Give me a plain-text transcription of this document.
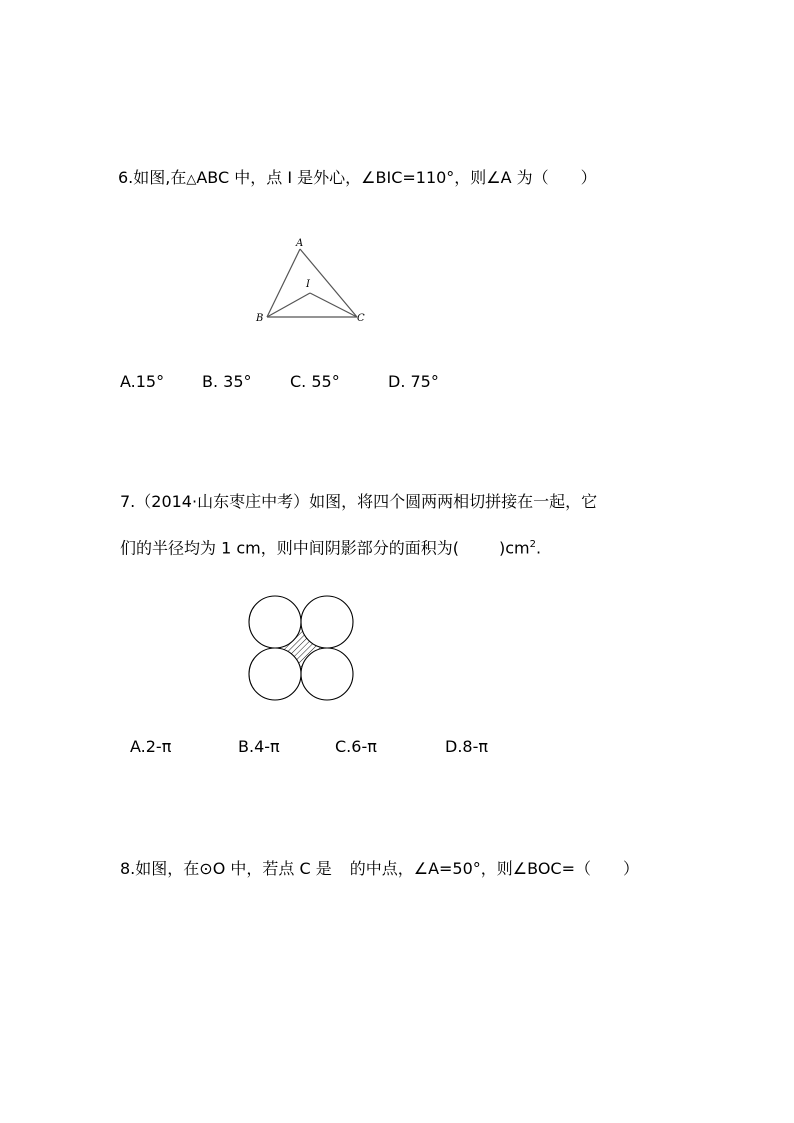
6.如图,在△ABC 中，点 I 是外心，∠BIC=110°，则∠A 为（　　）
A
B	C
I
A.15° B. 35° C. 55°	D. 75°
7.（2014·山东枣庄中考）如图，将四个圆两两相切拼接在一起，它
们的半径均为 1 cm，则中间阴影部分的面积为(	)$cm^2$.
A.2-π	B.4-π	C.6-π	D.8-π
8.如图，在⊙O 中，若点 C 是 的中点，∠A=50°，则∠BOC=（　　）
